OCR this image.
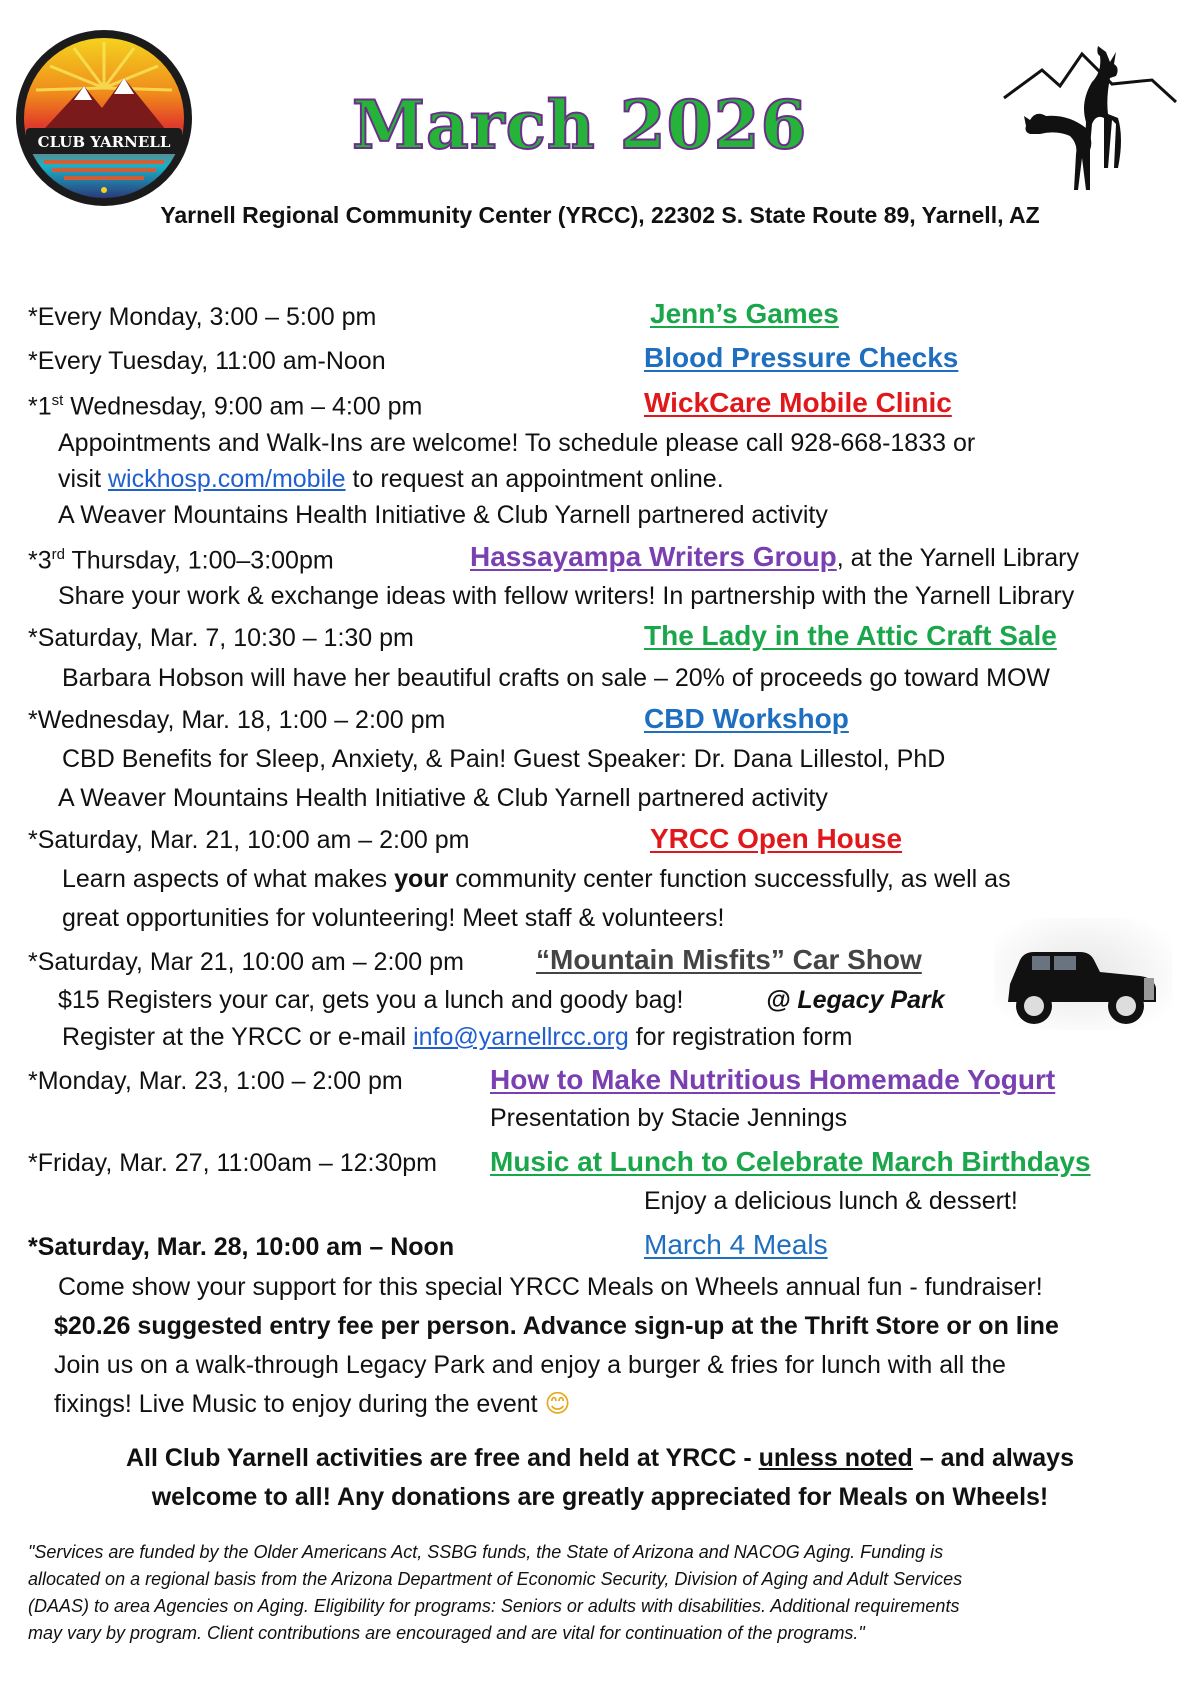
CLUB YARNELL	March 2026
Yarnell Regional Community Center (YRCC), 22302 S. State Route 89, Yarnell, AZ
*Every Monday, 3:00 – 5:00 pm	Jenn’s Games
*Every Tuesday, 11:00 am-Noon	Blood Pressure Checks
*1st Wednesday, 9:00 am – 4:00 pm	WickCare Mobile Clinic
Appointments and Walk-Ins are welcome! To schedule please call 928-668-1833 or
visit wickhosp.com/mobile to request an appointment online.
A Weaver Mountains Health Initiative & Club Yarnell partnered activity
*3rd Thursday, 1:00–3:00pm	Hassayampa Writers Group, at the Yarnell Library
Share your work & exchange ideas with fellow writers! In partnership with the Yarnell Library
*Saturday, Mar. 7, 10:30 – 1:30 pm	The Lady in the Attic Craft Sale
Barbara Hobson will have her beautiful crafts on sale – 20% of proceeds go toward MOW
*Wednesday, Mar. 18, 1:00 – 2:00 pm	CBD Workshop
CBD Benefits for Sleep, Anxiety, & Pain! Guest Speaker: Dr. Dana Lillestol, PhD
A Weaver Mountains Health Initiative & Club Yarnell partnered activity
*Saturday, Mar. 21, 10:00 am – 2:00 pm	YRCC Open House
Learn aspects of what makes your community center function successfully, as well as
great opportunities for volunteering! Meet staff & volunteers!
*Saturday, Mar 21, 10:00 am – 2:00 pm	“Mountain Misfits” Car Show
$15 Registers your car, gets you a lunch and goody bag!	@ Legacy Park
Register at the YRCC or e-mail info@yarnellrcc.org for registration form
*Monday, Mar. 23, 1:00 – 2:00 pm	How to Make Nutritious Homemade Yogurt
Presentation by Stacie Jennings
*Friday, Mar. 27, 11:00am – 12:30pm Music at Lunch to Celebrate March Birthdays
Enjoy a delicious lunch & dessert!
*Saturday, Mar. 28, 10:00 am – Noon	March 4 Meals
Come show your support for this special YRCC Meals on Wheels annual fun - fundraiser!
$20.26 suggested entry fee per person. Advance sign-up at the Thrift Store or on line
Join us on a walk-through Legacy Park and enjoy a burger & fries for lunch with all the
fixings! Live Music to enjoy during the event 😊
All Club Yarnell activities are free and held at YRCC - unless noted – and always
welcome to all! Any donations are greatly appreciated for Meals on Wheels!
"Services are funded by the Older Americans Act, SSBG funds, the State of Arizona and NACOG Aging. Funding is
allocated on a regional basis from the Arizona Department of Economic Security, Division of Aging and Adult Services
(DAAS) to area Agencies on Aging. Eligibility for programs: Seniors or adults with disabilities. Additional requirements
may vary by program. Client contributions are encouraged and are vital for continuation of the programs."
